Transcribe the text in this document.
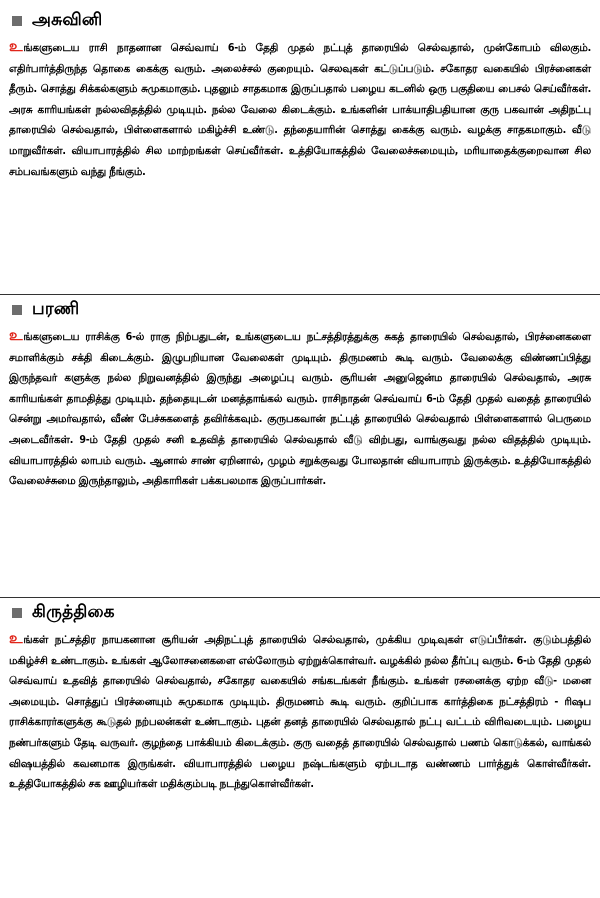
அசுவினி

உங்களுடைய ராசி நாதனான செவ்வாய் 6-ம் தேதி முதல் நட்புத் தாரையில் செல்வதால், முன்கோபம் விலகும். எதிர்பார்த்திருந்த தொகை கைக்கு வரும். அலைச்சல் குறையும். செலவுகள் கட்டுப்படும். சகோதர வகையில் பிரச்னைகள் தீரும். சொத்து சிக்கல்களும் சுமுகமாகும். புதனும் சாதகமாக இருப்பதால் பழைய கடனில் ஒரு பகுதியை பைசல் செய்வீர்கள். அரசு காரியங்கள் நல்லவிதத்தில் முடியும். நல்ல வேலை கிடைக்கும். உங்களின் பாக்யாதிபதியான குரு பகவான் அதிநட்பு தாரையில் செல்வதால், பிள்ளைகளால் மகிழ்ச்சி உண்டு. தந்தையாரின் சொத்து கைக்கு வரும். வழக்கு சாதகமாகும். வீடு மாறுவீர்கள். வியாபாரத்தில் சில மாற்றங்கள் செய்வீர்கள். உத்தியோகத்தில் வேலைச்சுமையும், மரியாதைக்குறைவான சில சம்பவங்களும் வந்து நீங்கும்.

பரணி

உங்களுடைய ராசிக்கு 6-ல் ராகு நிற்பதுடன், உங்களுடைய நட்சத்திரத்துக்கு சுகத் தாரையில் செல்வதால், பிரச்னைகளை சமாளிக்கும் சக்தி கிடைக்கும். இழுபறியான வேலைகள் முடியும். திருமணம் கூடி வரும். வேலைக்கு விண்ணப்பித்து இருந்தவர் களுக்கு நல்ல நிறுவனத்தில் இருந்து அழைப்பு வரும். சூரியன் அனுஜென்ம தாரையில் செல்வதால், அரசு காரியங்கள் தாமதித்து முடியும். தந்தையுடன் மனத்தாங்கல் வரும். ராசிநாதன் செவ்வாய் 6-ம் தேதி முதல் வதைத் தாரையில் சென்று அமர்வதால், வீண் பேச்சுகளைத் தவிர்க்கவும். குருபகவான் நட்புத் தாரையில் செல்வதால் பிள்ளைகளால் பெருமை அடைவீர்கள். 9-ம் தேதி முதல் சனி உதவித் தாரையில் செல்வதால் வீடு விற்பது, வாங்குவது நல்ல விதத்தில் முடியும். வியாபாரத்தில் லாபம் வரும். ஆனால் சாண் ஏறினால், முழம் சறுக்குவது போலதான் வியாபாரம் இருக்கும். உத்தியோகத்தில் வேலைச்சுமை இருந்தாலும், அதிகாரிகள் பக்கபலமாக இருப்பார்கள்.

கிருத்திகை

உங்கள் நட்சத்திர நாயகனான சூரியன் அதிநட்புத் தாரையில் செல்வதால், முக்கிய முடிவுகள் எடுப்பீர்கள். குடும்பத்தில் மகிழ்ச்சி உண்டாகும். உங்கள் ஆலோசனைகளை எல்லோரும் ஏற்றுக்கொள்வர். வழக்கில் நல்ல தீர்ப்பு வரும். 6-ம் தேதி முதல் செவ்வாய் உதவித் தாரையில் செல்வதால், சகோதர வகையில் சங்கடங்கள் நீங்கும். உங்கள் ரசனைக்கு ஏற்ற வீடு- மனை அமையும். சொத்துப் பிரச்னையும் சுமுகமாக முடியும். திருமணம் கூடி வரும். குறிப்பாக கார்த்திகை நட்சத்திரம் - ரிஷப ராசிக்காரர்களுக்கு கூடுதல் நற்பலன்கள் உண்டாகும். புதன் தனத் தாரையில் செல்வதால் நட்பு வட்டம் விரிவடையும். பழைய நண்பர்களும் தேடி வருவர். குழந்தை பாக்கியம் கிடைக்கும். குரு வதைத் தாரையில் செல்வதால் பணம் கொடுக்கல், வாங்கல் விஷயத்தில் கவனமாக இருங்கள். வியாபாரத்தில் பழைய நஷ்டங்களும் ஏற்படாத வண்ணம் பார்த்துக் கொள்வீர்கள். உத்தியோகத்தில் சக ஊழியர்கள் மதிக்கும்படி நடந்துகொள்வீர்கள்.
